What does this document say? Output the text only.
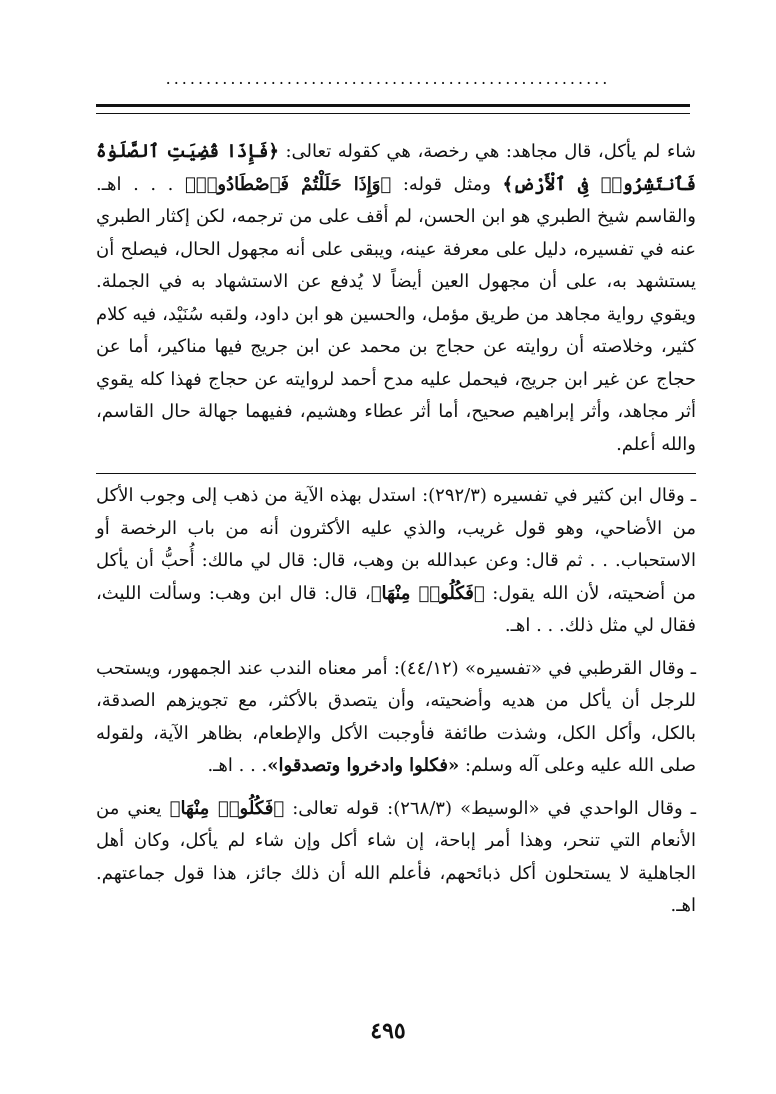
.......................................................

شاء لم يأكل، قال مجاهد: هي رخصة، هي كقوله تعالى: ﴿فَإِذَا قُضِيَتِ ٱلصَّلَوٰةُ فَٱنتَشِرُوا۟ فِى ٱلْأَرْضِ﴾ ومثل قوله: ﴿وَإِذَا حَلَلْتُمْ فَٱصْطَادُوا۟﴾ . . . اهـ. والقاسم شيخ الطبري هو ابن الحسن، لم أقف على من ترجمه، لكن إكثار الطبري عنه في تفسيره، دليل على معرفة عينه، ويبقى على أنه مجهول الحال، فيصلح أن يستشهد به، على أن مجهول العين أيضاً لا يُدفع عن الاستشهاد به في الجملة. ويقوي رواية مجاهد من طريق مؤمل، والحسين هو ابن داود، ولقبه سُنَيْد، فيه كلام كثير، وخلاصته أن روايته عن حجاج بن محمد عن ابن جريج فيها مناكير، أما عن حجاج عن غير ابن جريج، فيحمل عليه مدح أحمد لروايته عن حجاج فهذا كله يقوي أثر مجاهد، وأثر إبراهيم صحيح، أما أثر عطاء وهشيم، ففيهما جهالة حال القاسم، والله أعلم.

ـ وقال ابن كثير في تفسيره (٢٩٢/٣): استدل بهذه الآية من ذهب إلى وجوب الأكل من الأضاحي، وهو قول غريب، والذي عليه الأكثرون أنه من باب الرخصة أو الاستحباب. . . ثم قال: وعن عبدالله بن وهب، قال: قال لي مالك: أُحبُّ أن يأكل من أضحيته، لأن الله يقول: ﴿فَكُلُوا۟ مِنْهَا﴾، قال: قال ابن وهب: وسألت الليث، فقال لي مثل ذلك. . . اهـ.

ـ وقال القرطبي في «تفسيره» (٤٤/١٢): أمر معناه الندب عند الجمهور، ويستحب للرجل أن يأكل من هديه وأضحيته، وأن يتصدق بالأكثر، مع تجويزهم الصدقة، بالكل، وأكل الكل، وشذت طائفة فأوجبت الأكل والإطعام، بظاهر الآية، ولقوله صلى الله عليه وعلى آله وسلم: «فكلوا وادخروا وتصدقوا». . . اهـ.

ـ وقال الواحدي في «الوسيط» (٢٦٨/٣): قوله تعالى: ﴿فَكُلُوا۟ مِنْهَا﴾ يعني من الأنعام التي تنحر، وهذا أمر إباحة، إن شاء أكل وإن شاء لم يأكل، وكان أهل الجاهلية لا يستحلون أكل ذبائحهم، فأعلم الله أن ذلك جائز، هذا قول جماعتهم. اهـ.

٤٩٥
